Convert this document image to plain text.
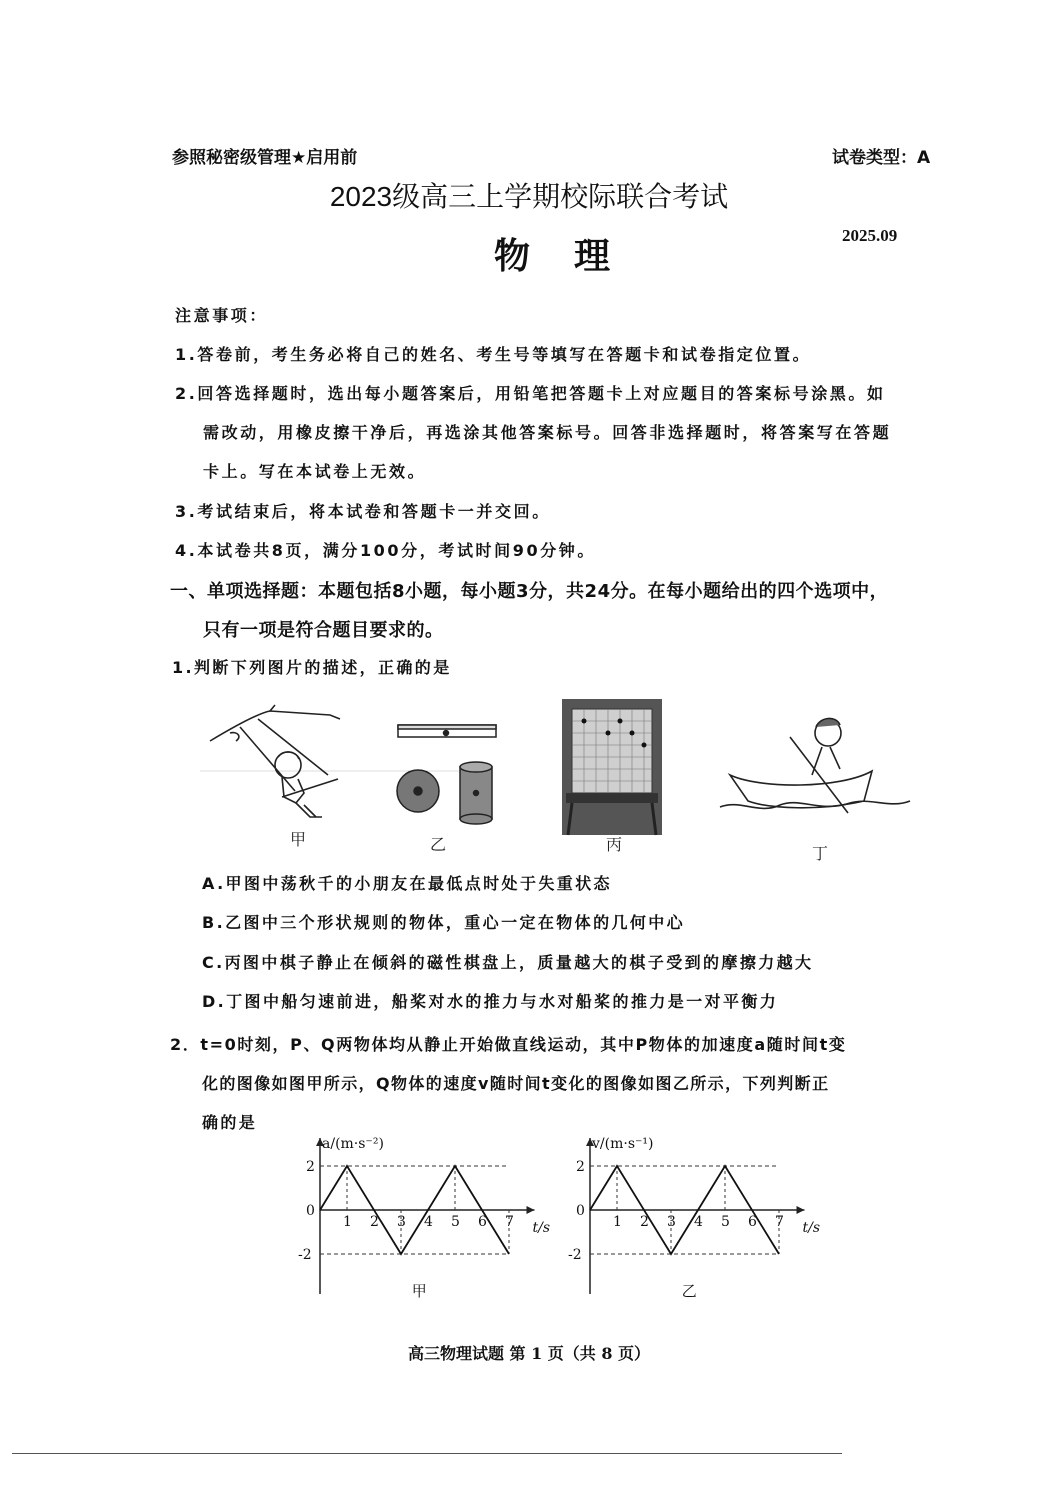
参照秘密级管理★启用前	试卷类型：A
2023级高三上学期校际联合考试
物理
2025.09
注意事项：
1.答卷前，考生务必将自己的姓名、考生号等填写在答题卡和试卷指定位置。
2.回答选择题时，选出每小题答案后，用铅笔把答题卡上对应题目的答案标号涂黑。如
需改动，用橡皮擦干净后，再选涂其他答案标号。回答非选择题时，将答案写在答题
卡上。写在本试卷上无效。
3.考试结束后，将本试卷和答题卡一并交回。
4.本试卷共8页，满分100分，考试时间90分钟。
一、单项选择题：本题包括8小题，每小题3分，共24分。在每小题给出的四个选项中，
只有一项是符合题目要求的。
1.判断下列图片的描述，正确的是
甲	乙	丙	丁
A.甲图中荡秋千的小朋友在最低点时处于失重状态
B.乙图中三个形状规则的物体，重心一定在物体的几何中心
C.丙图中棋子静止在倾斜的磁性棋盘上，质量越大的棋子受到的摩擦力越大
D.丁图中船匀速前进，船桨对水的推力与水对船桨的推力是一对平衡力
2．t=0时刻，P、Q两物体均从静止开始做直线运动，其中P物体的加速度a随时间t变
化的图像如图甲所示，Q物体的速度v随时间t变化的图像如图乙所示，下列判断正
确的是
1 2 3 4 5 6 7
2
0
-2
t/s
a/(m·s⁻²)
甲
1 2 3 4 5 6 7
2
0
-2
t/s
v/(m·s⁻¹)
乙
高三物理试题 第 1 页（共 8 页）
